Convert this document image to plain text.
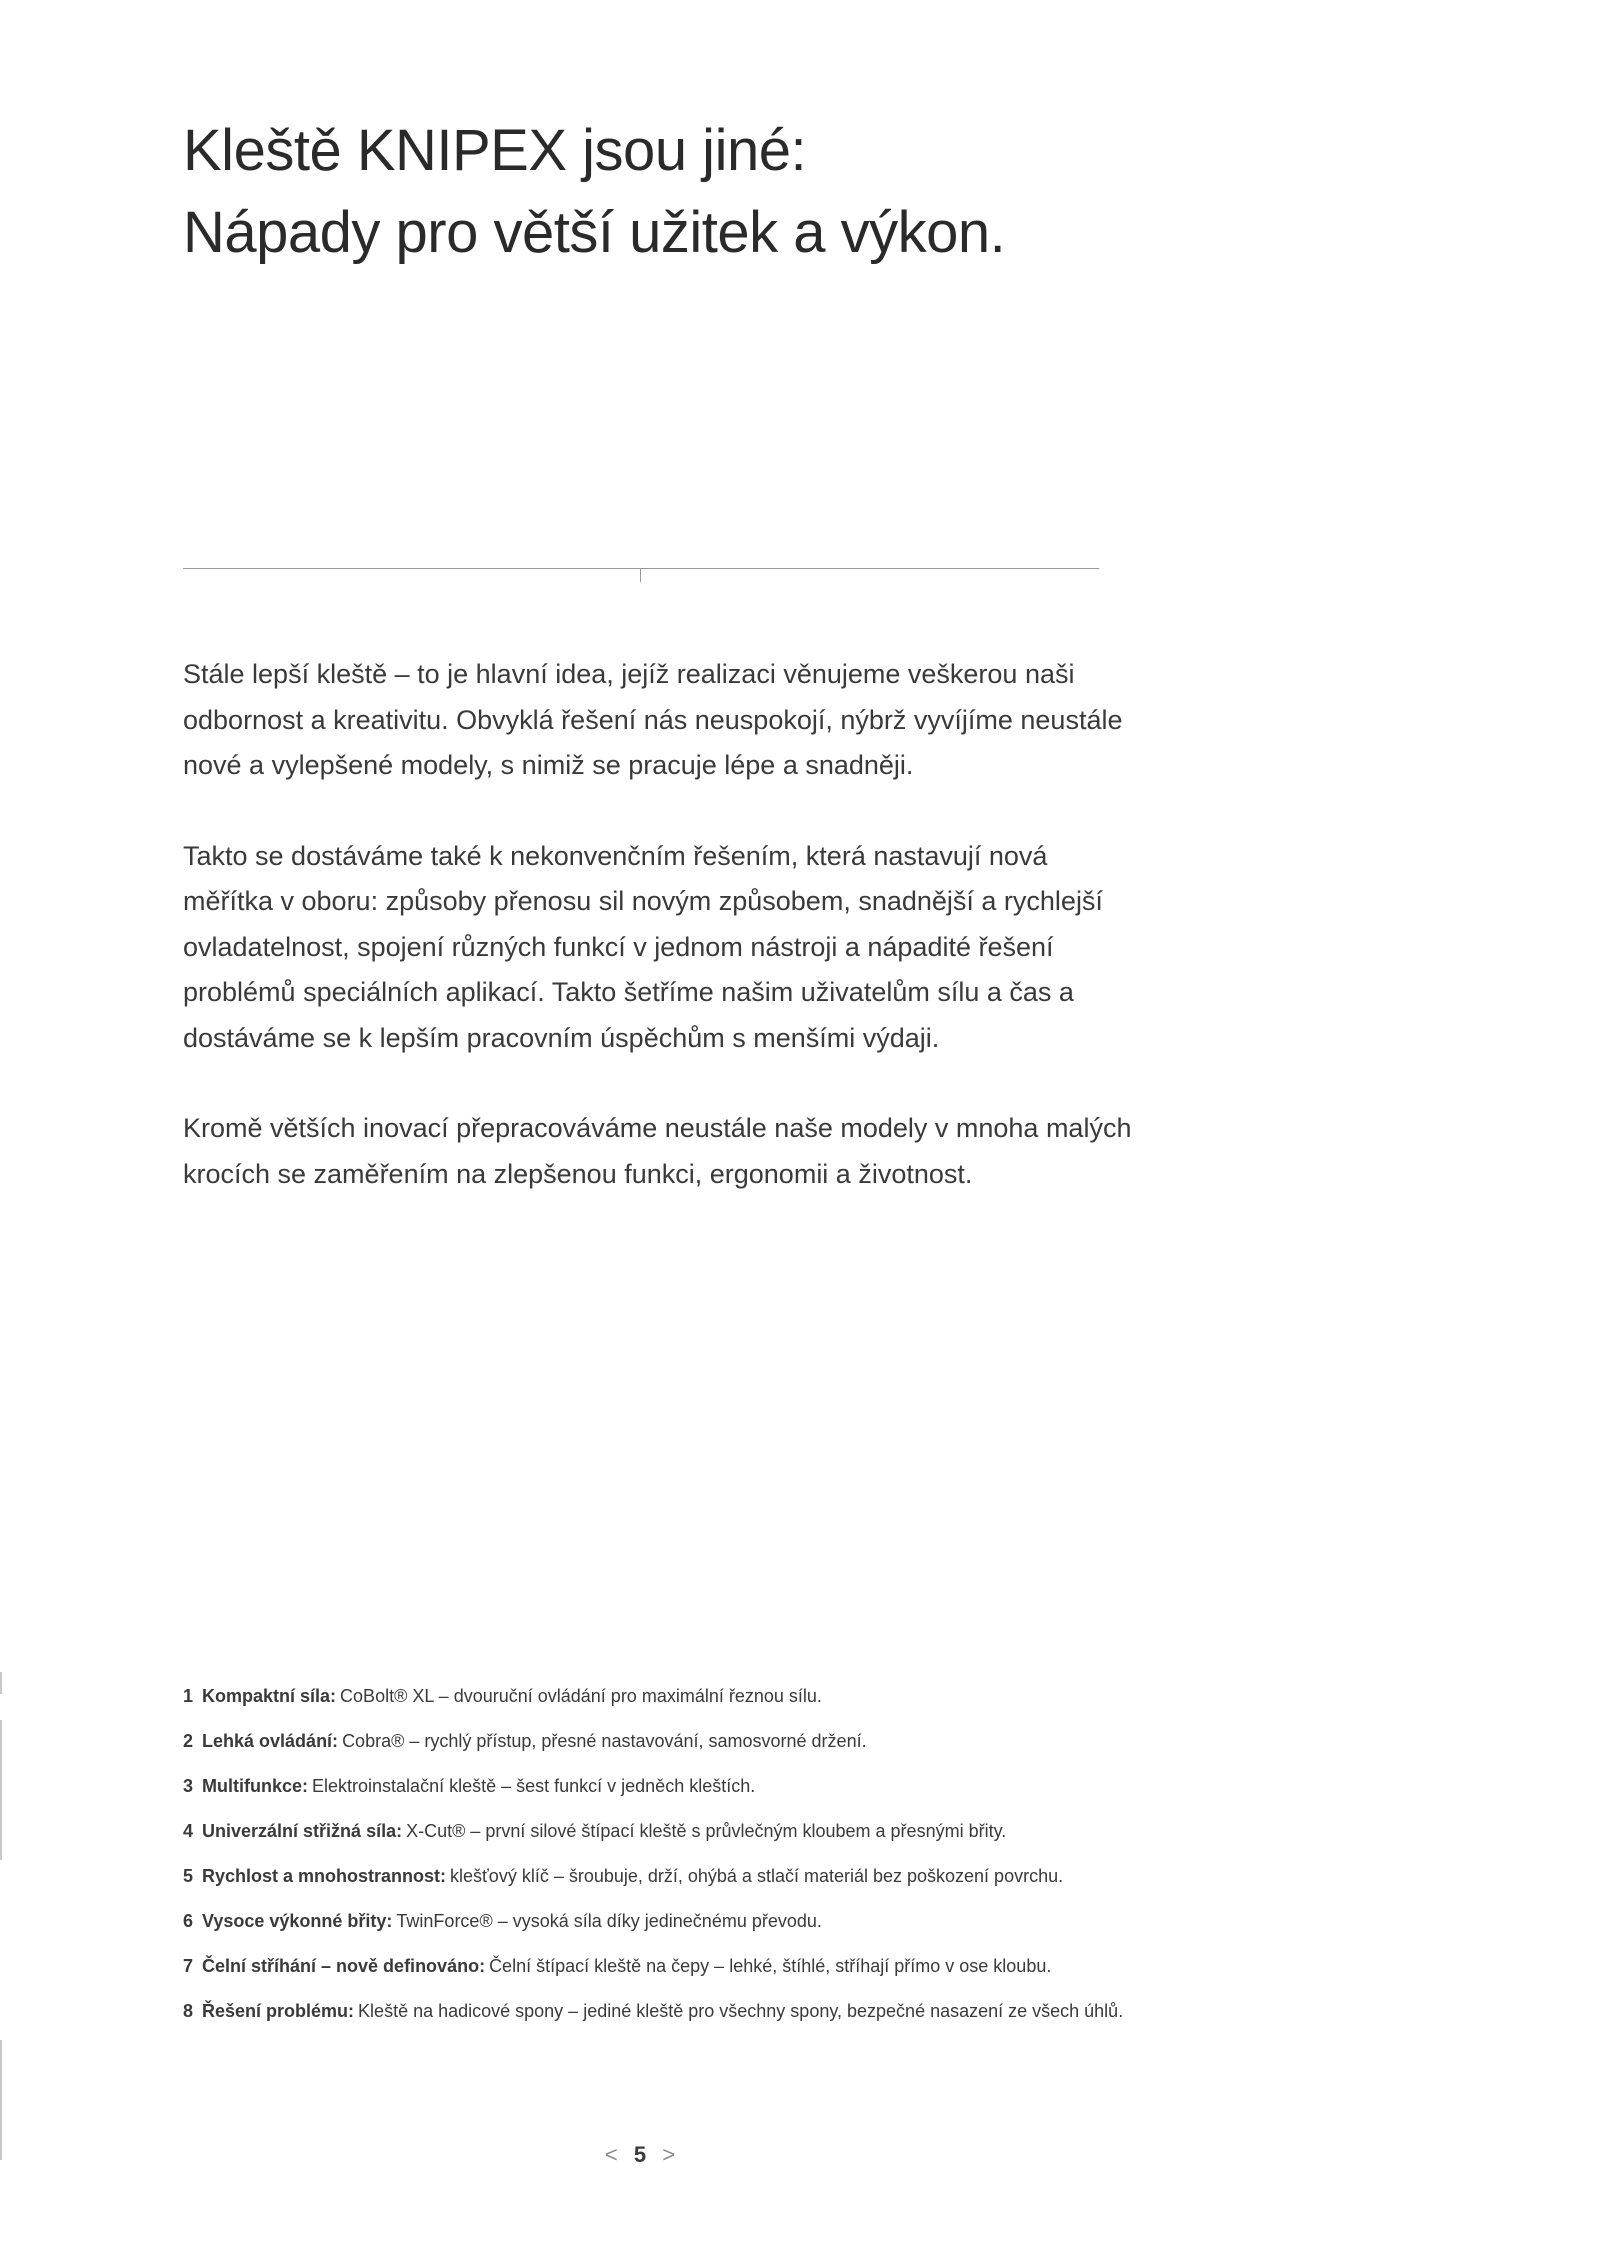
Kleště KNIPEX jsou jiné:
Nápady pro větší užitek a výkon.

Stále lepší kleště – to je hlavní idea, jejíž realizaci věnujeme veškerou naši odbornost a kreativitu. Obvyklá řešení nás neuspokojí, nýbrž vyvíjíme neustále nové a vylepšené modely, s nimiž se pracuje lépe a snadněji.

Takto se dostáváme také k nekonvenčním řešením, která nastavují nová měřítka v oboru: způsoby přenosu sil novým způsobem, snadnější a rychlejší ovladatelnost, spojení různých funkcí v jednom nástroji a nápadité řešení problémů speciálních aplikací. Takto šetříme našim uživatelům sílu a čas a dostáváme se k lepším pracovním úspěchům s menšími výdaji.

Kromě větších inovací přepracováváme neustále naše modely v mnoha malých krocích se zaměřením na zlepšenou funkci, ergonomii a životnost.

1 Kompaktní síla: CoBolt® XL – dvouruční ovládání pro maximální řeznou sílu.
2 Lehká ovládání: Cobra® – rychlý přístup, přesné nastavování, samosvorné držení.
3 Multifunkce: Elektroinstalační kleště – šest funkcí v jedněch kleštích.
4 Univerzální střižná síla: X-Cut® – první silové štípací kleště s průvlečným kloubem a přesnými břity.
5 Rychlost a mnohostrannost: klešťový klíč – šroubuje, drží, ohýbá a stlačí materiál bez poškození povrchu.
6 Vysoce výkonné břity: TwinForce® – vysoká síla díky jedinečnému převodu.
7 Čelní stříhání – nově definováno: Čelní štípací kleště na čepy – lehké, štíhlé, stříhají přímo v ose kloubu.
8 Řešení problému: Kleště na hadicové spony – jediné kleště pro všechny spony, bezpečné nasazení ze všech úhlů.
< 5 >
